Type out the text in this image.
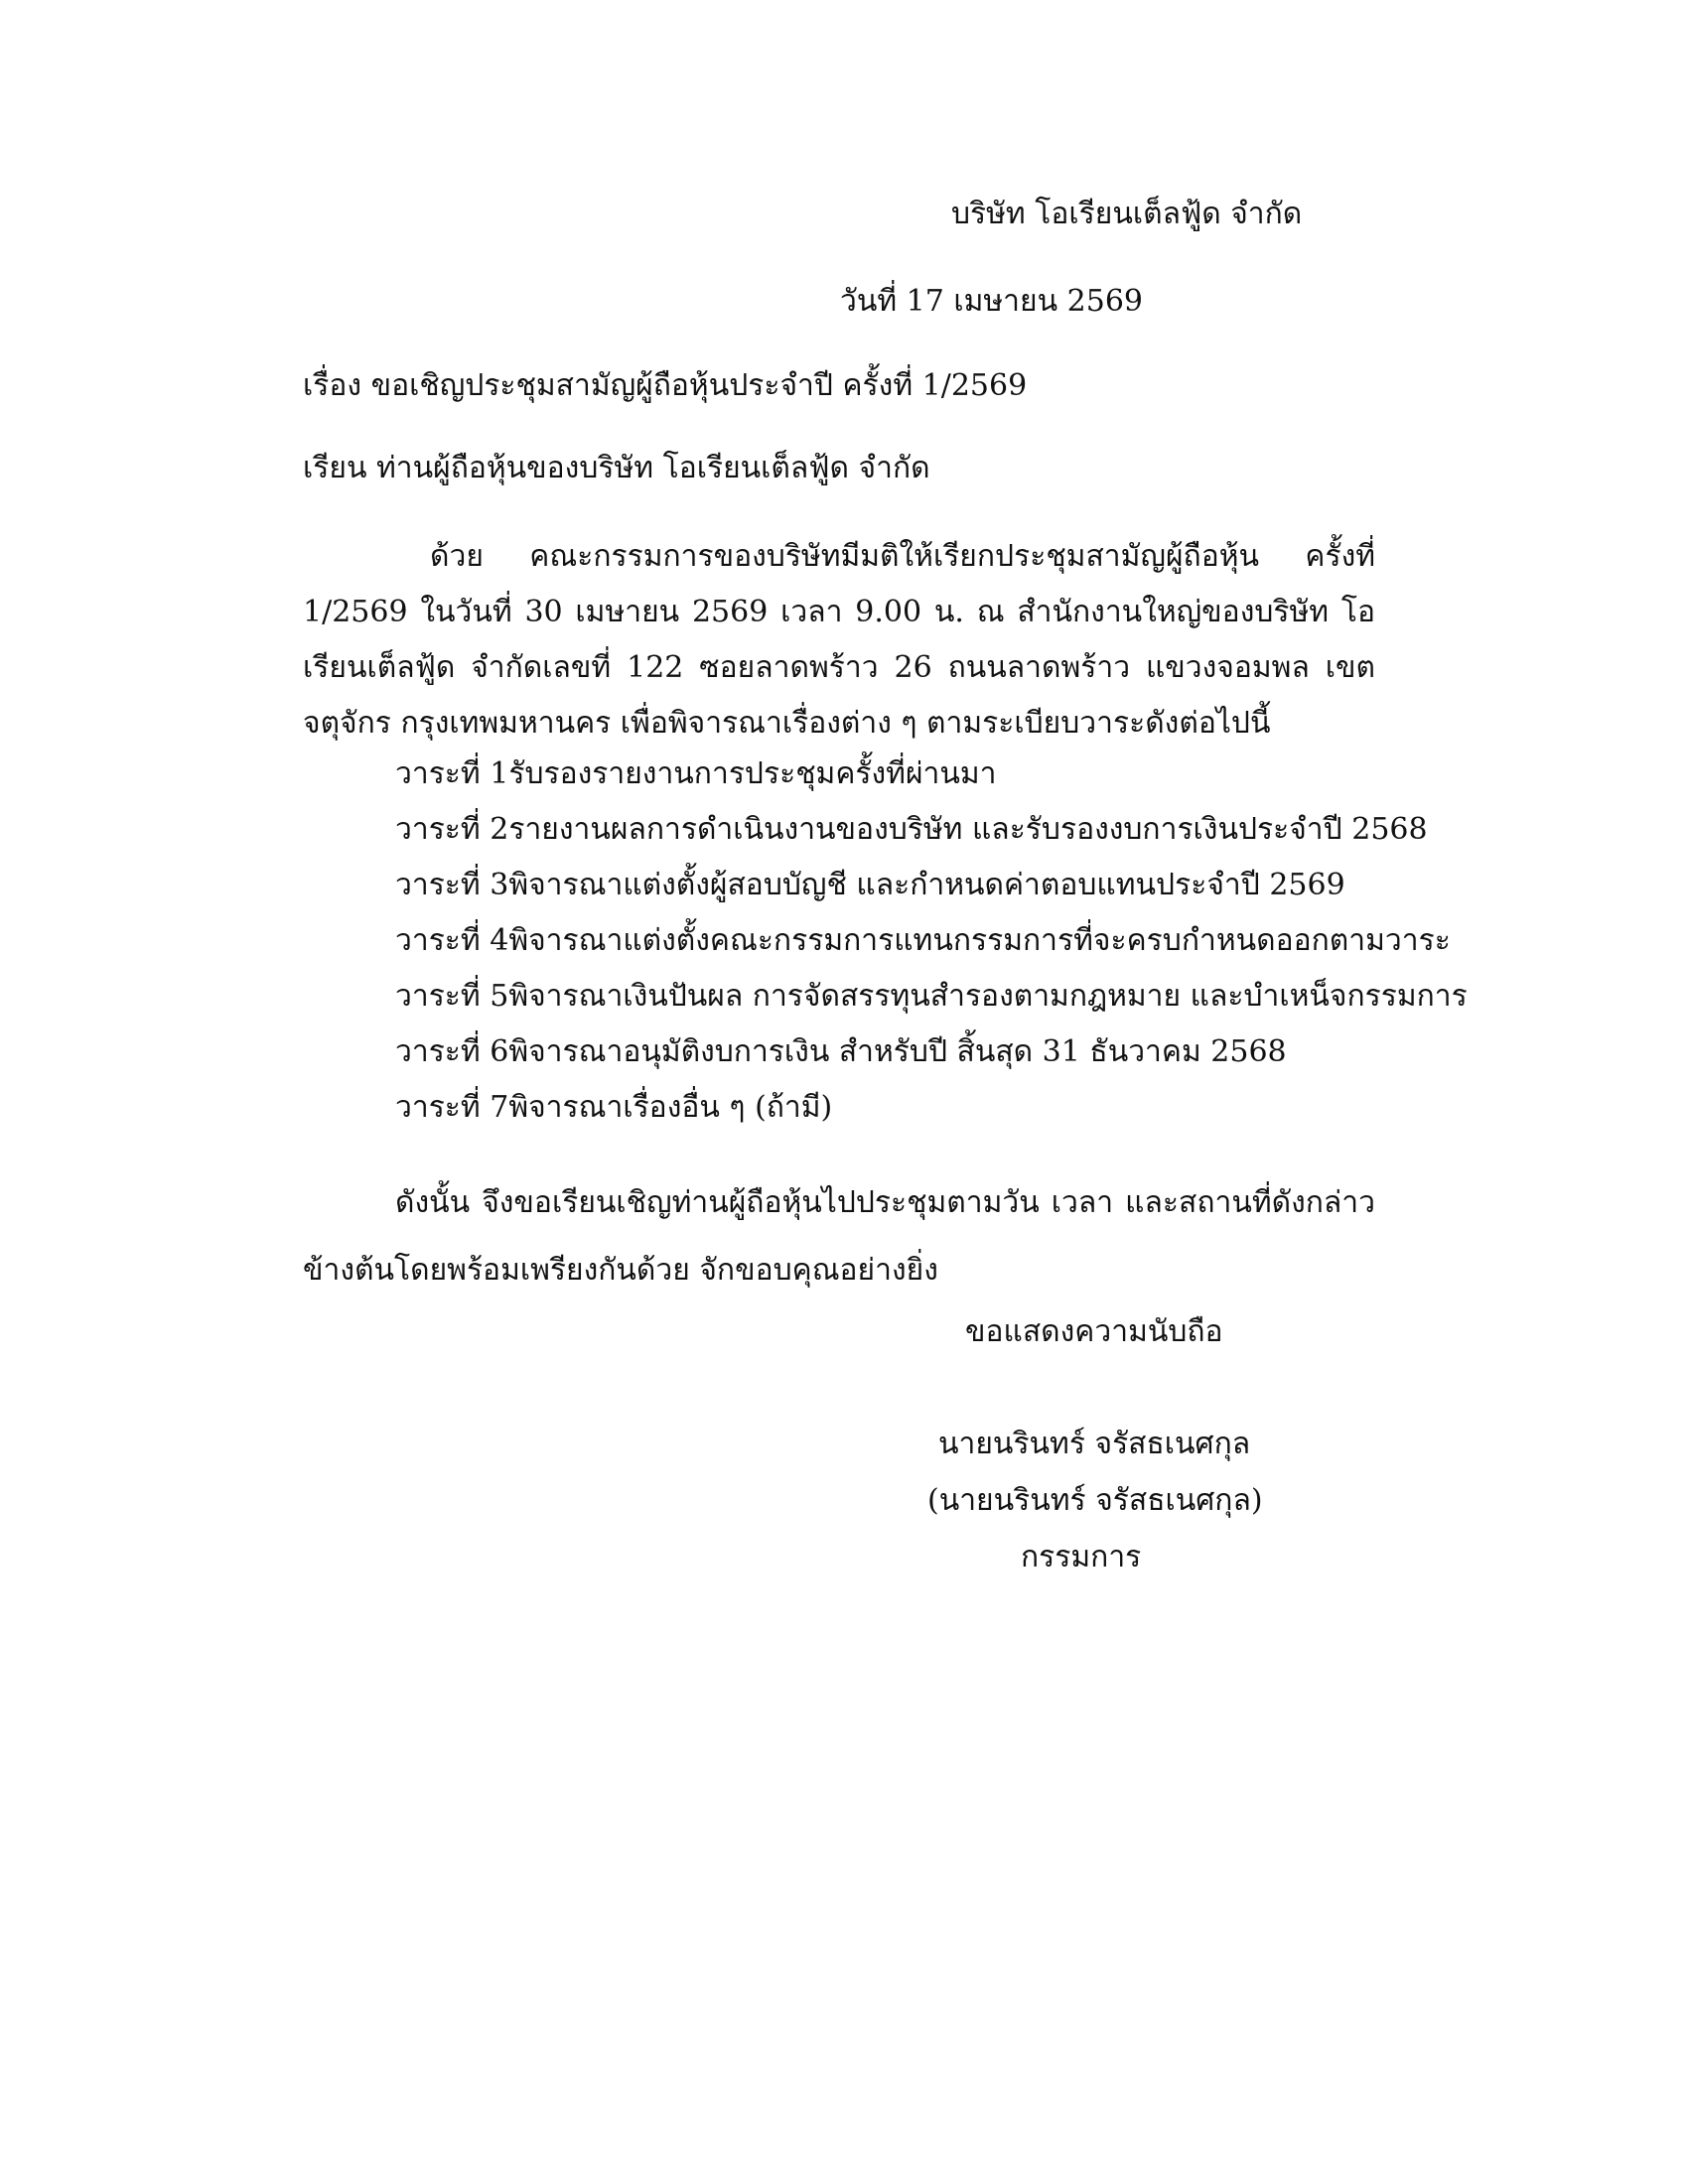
บริษัท โอเรียนเต็ลฟู้ด จำกัด
วันที่ 17 เมษายน 2569
เรื่อง ขอเชิญประชุมสามัญผู้ถือหุ้นประจำปี ครั้งที่ 1/2569
เรียน ท่านผู้ถือหุ้นของบริษัท โอเรียนเต็ลฟู้ด จำกัด
ด้วย คณะกรรมการของบริษัทมีมติให้เรียกประชุมสามัญผู้ถือหุ้น ครั้งที่ 1/2569 ในวันที่ 30 เมษายน 2569 เวลา 9.00 น. ณ สำนักงานใหญ่ของบริษัท โอเรียนเต็ลฟู้ด จำกัดเลขที่ 122 ซอยลาดพร้าว 26 ถนนลาดพร้าว แขวงจอมพล เขตจตุจักร กรุงเทพมหานคร เพื่อพิจารณาเรื่องต่าง ๆ ตามระเบียบวาระดังต่อไปนี้
วาระที่ 1รับรองรายงานการประชุมครั้งที่ผ่านมา
วาระที่ 2รายงานผลการดำเนินงานของบริษัท และรับรองงบการเงินประจำปี 2568
วาระที่ 3พิจารณาแต่งตั้งผู้สอบบัญชี และกำหนดค่าตอบแทนประจำปี 2569
วาระที่ 4พิจารณาแต่งตั้งคณะกรรมการแทนกรรมการที่จะครบกำหนดออกตามวาระ
วาระที่ 5พิจารณาเงินปันผล การจัดสรรทุนสำรองตามกฎหมาย และบำเหน็จกรรมการ
วาระที่ 6พิจารณาอนุมัติงบการเงิน สำหรับปี สิ้นสุด 31 ธันวาคม 2568
วาระที่ 7พิจารณาเรื่องอื่น ๆ (ถ้ามี)
ดังนั้น จึงขอเรียนเชิญท่านผู้ถือหุ้นไปประชุมตามวัน เวลา และสถานที่ดังกล่าวข้างต้นโดยพร้อมเพรียงกันด้วย จักขอบคุณอย่างยิ่ง
ขอแสดงความนับถือ
นายนรินทร์ จรัสธเนศกุล
(นายนรินทร์ จรัสธเนศกุล)
กรรมการ
